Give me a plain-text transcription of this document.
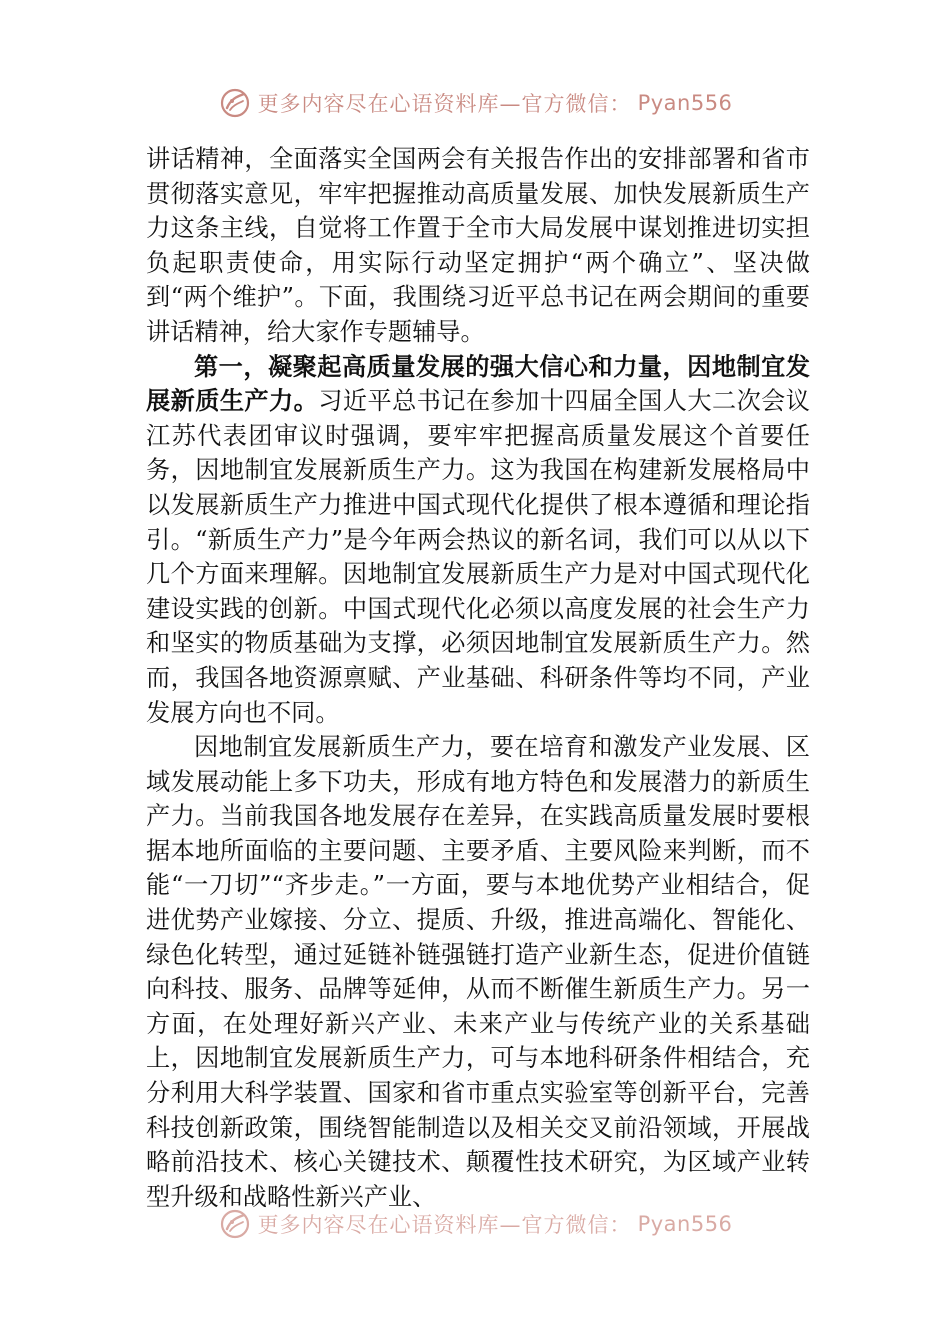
更多内容尽在心语资料库—官方微信： Pyan556

讲话精神，全面落实全国两会有关报告作出的安排部署和省市贯彻落实意见，牢牢把握推动高质量发展、加快发展新质生产力这条主线，自觉将工作置于全市大局发展中谋划推进切实担负起职责使命，用实际行动坚定拥护“两个确立”、坚决做到“两个维护”。下面，我围绕习近平总书记在两会期间的重要讲话精神，给大家作专题辅导。

第一，凝聚起高质量发展的强大信心和力量，因地制宜发展新质生产力。习近平总书记在参加十四届全国人大二次会议江苏代表团审议时强调，要牢牢把握高质量发展这个首要任务，因地制宜发展新质生产力。这为我国在构建新发展格局中以发展新质生产力推进中国式现代化提供了根本遵循和理论指引。“新质生产力”是今年两会热议的新名词，我们可以从以下几个方面来理解。因地制宜发展新质生产力是对中国式现代化建设实践的创新。中国式现代化必须以高度发展的社会生产力和坚实的物质基础为支撑，必须因地制宜发展新质生产力。然而，我国各地资源禀赋、产业基础、科研条件等均不同，产业发展方向也不同。

因地制宜发展新质生产力，要在培育和激发产业发展、区域发展动能上多下功夫，形成有地方特色和发展潜力的新质生产力。当前我国各地发展存在差异，在实践高质量发展时要根据本地所面临的主要问题、主要矛盾、主要风险来判断，而不能“一刀切”“齐步走。”一方面，要与本地优势产业相结合，促进优势产业嫁接、分立、提质、升级，推进高端化、智能化、绿色化转型，通过延链补链强链打造产业新生态，促进价值链向科技、服务、品牌等延伸，从而不断催生新质生产力。另一方面，在处理好新兴产业、未来产业与传统产业的关系基础上，因地制宜发展新质生产力，可与本地科研条件相结合，充分利用大科学装置、国家和省市重点实验室等创新平台，完善科技创新政策，围绕智能制造以及相关交叉前沿领域，开展战略前沿技术、核心关键技术、颠覆性技术研究，为区域产业转型升级和战略性新兴产业、

更多内容尽在心语资料库—官方微信： Pyan556
